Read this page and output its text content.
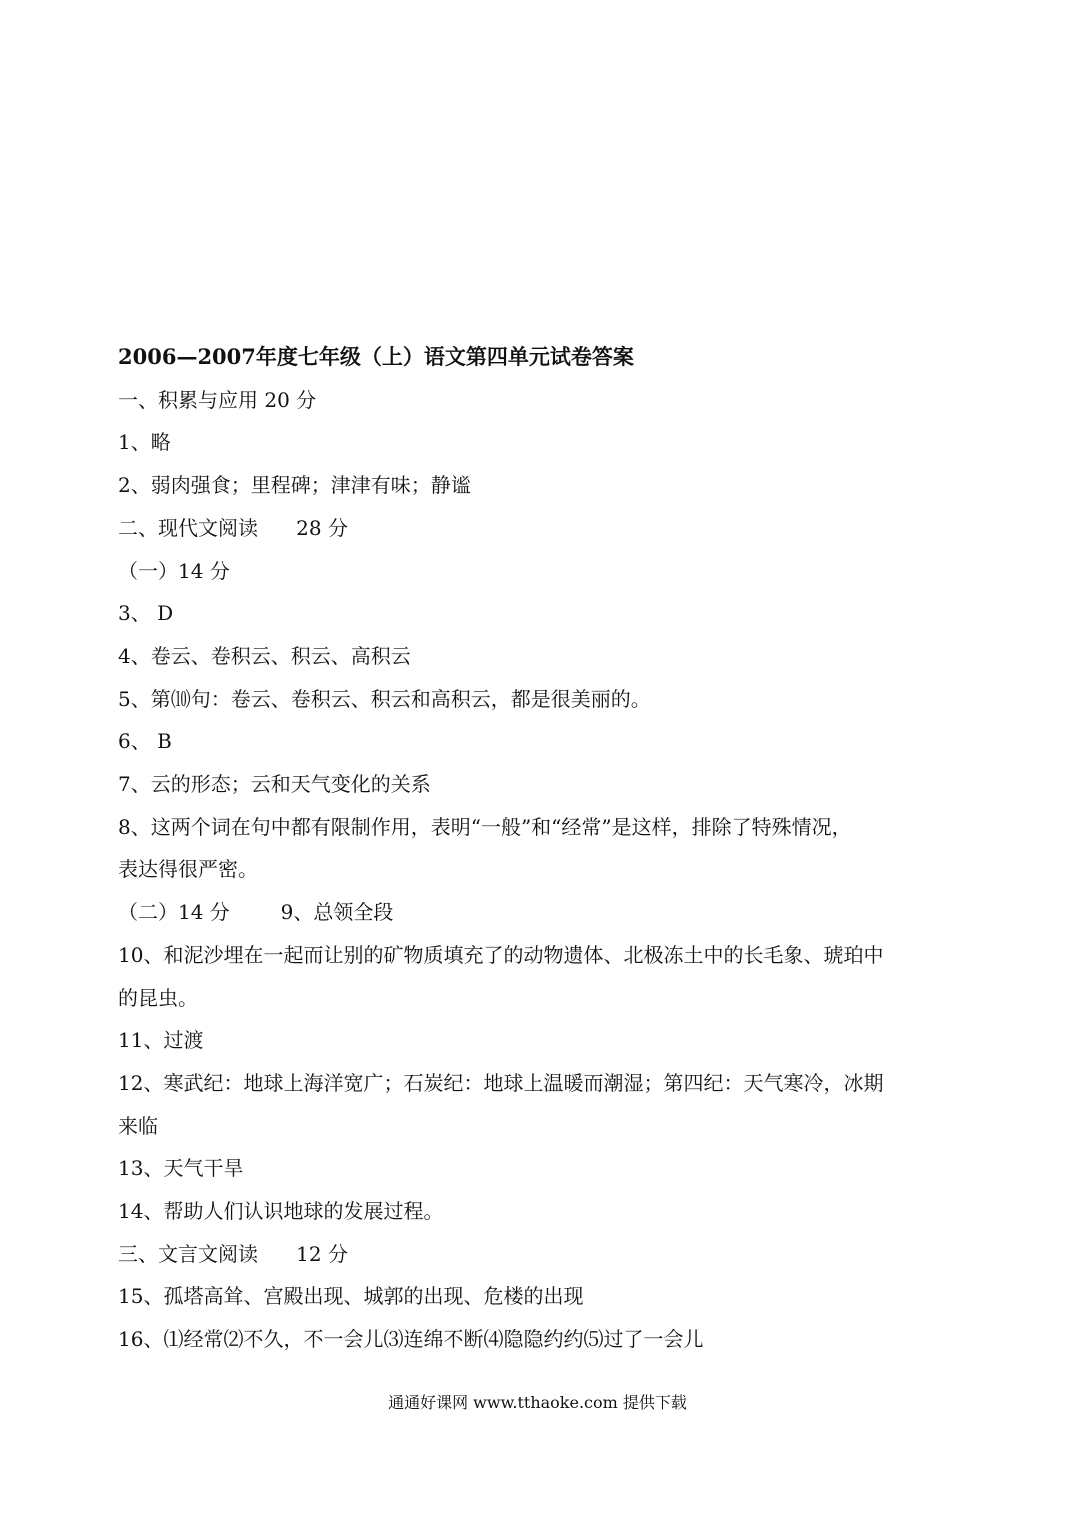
2006—2007年度七年级（上）语文第四单元试卷答案
一、积累与应用 20 分
1、略
2、弱肉强食；里程碑；津津有味；静谧
二、现代文阅读      28 分
（一）14 分
3、 D
4、卷云、卷积云、积云、高积云
5、第⑽句：卷云、卷积云、积云和高积云，都是很美丽的。
6、 B
7、云的形态；云和天气变化的关系
8、这两个词在句中都有限制作用，表明“一般”和“经常”是这样，排除了特殊情况，
表达得很严密。
（二）14 分        9、总领全段
10、和泥沙埋在一起而让别的矿物质填充了的动物遗体、北极冻土中的长毛象、琥珀中
的昆虫。
11、过渡
12、寒武纪：地球上海洋宽广；石炭纪：地球上温暖而潮湿；第四纪：天气寒冷，冰期
来临
13、天气干旱
14、帮助人们认识地球的发展过程。
三、文言文阅读      12 分
15、孤塔高耸、宫殿出现、城郭的出现、危楼的出现
16、⑴经常⑵不久，不一会儿⑶连绵不断⑷隐隐约约⑸过了一会儿
通通好课网 www.tthaoke.com 提供下载
